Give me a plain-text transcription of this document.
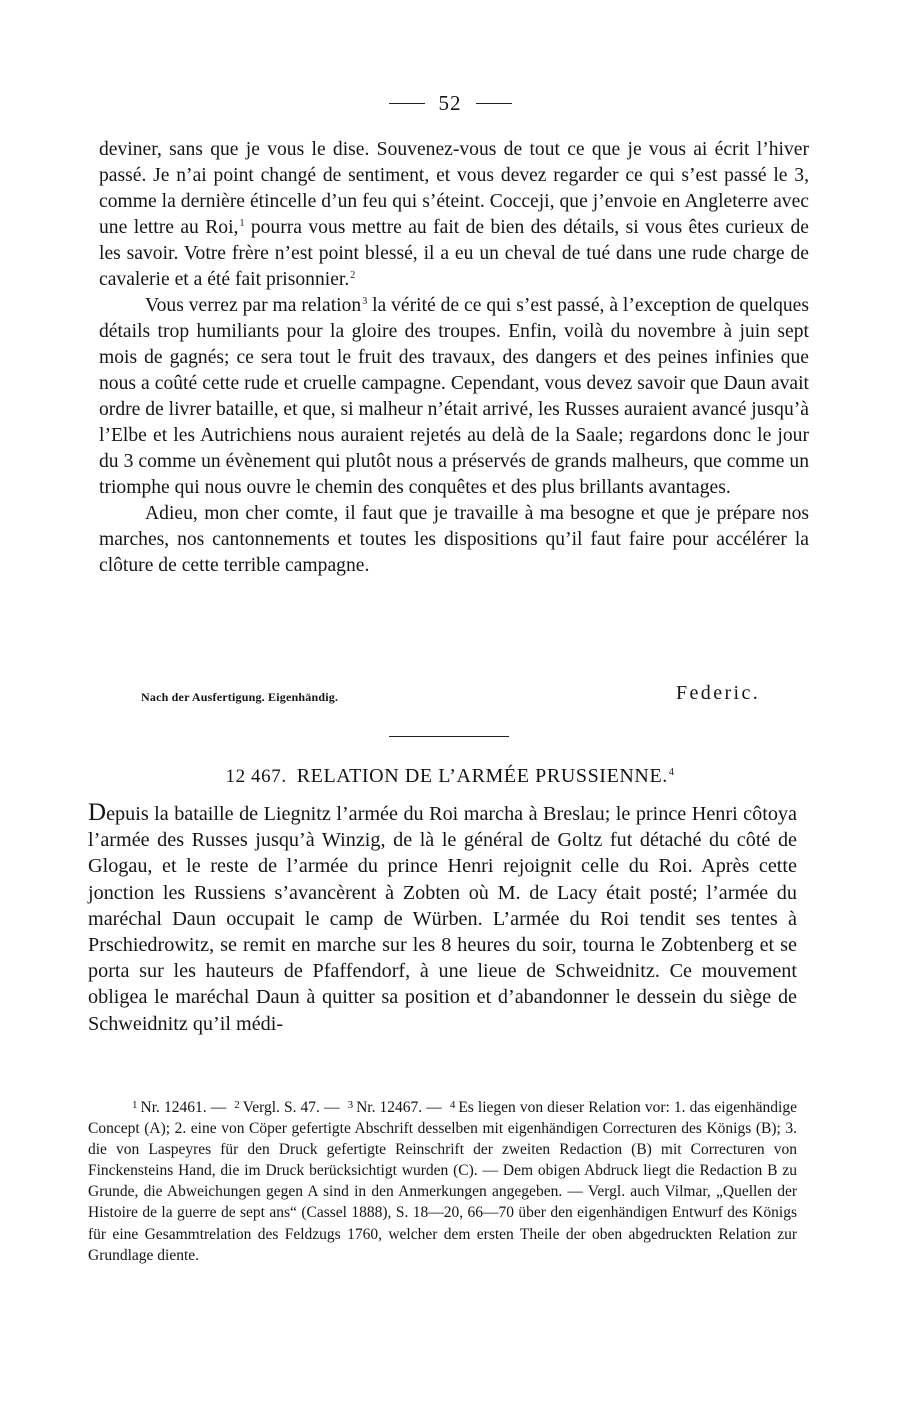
52

deviner, sans que je vous le dise. Souvenez-vous de tout ce que je vous ai écrit l’hiver passé. Je n’ai point changé de sentiment, et vous devez regarder ce qui s’est passé le 3, comme la dernière étincelle d’un feu qui s’éteint. Cocceji, que j’envoie en Angleterre avec une lettre au Roi,$^1$ pourra vous mettre au fait de bien des détails, si vous êtes curieux de les savoir. Votre frère n’est point blessé, il a eu un cheval de tué dans une rude charge de cavalerie et a été fait prisonnier.$^2$

Vous verrez par ma relation$^3$ la vérité de ce qui s’est passé, à l’exception de quelques détails trop humiliants pour la gloire des troupes. Enfin, voilà du novembre à juin sept mois de gagnés; ce sera tout le fruit des travaux, des dangers et des peines infinies que nous a coûté cette rude et cruelle campagne. Cependant, vous devez savoir que Daun avait ordre de livrer bataille, et que, si malheur n’était arrivé, les Russes auraient avancé jusqu’à l’Elbe et les Autrichiens nous auraient rejetés au delà de la Saale; regardons donc le jour du 3 comme un évènement qui plutôt nous a préservés de grands malheurs, que comme un triomphe qui nous ouvre le chemin des conquêtes et des plus brillants avantages.

Adieu, mon cher comte, il faut que je travaille à ma besogne et que je prépare nos marches, nos cantonnements et toutes les dispositions qu’il faut faire pour accélérer la clôture de cette terrible campagne.

Nach der Ausfertigung. Eigenhändig.	Federic.
12 467. RELATION DE L’ARMÉE PRUSSIENNE.$^4$

Depuis la bataille de Liegnitz l’armée du Roi marcha à Breslau; le prince Henri côtoya l’armée des Russes jusqu’à Winzig, de là le général de Goltz fut détaché du côté de Glogau, et le reste de l’armée du prince Henri rejoignit celle du Roi. Après cette jonction les Russiens s’avancèrent à Zobten où M. de Lacy était posté; l’armée du maréchal Daun occupait le camp de Würben. L’armée du Roi tendit ses tentes à Prschiedrowitz, se remit en marche sur les 8 heures du soir, tourna le Zobtenberg et se porta sur les hauteurs de Pfaffendorf, à une lieue de Schweidnitz. Ce mouvement obligea le maréchal Daun à quitter sa position et d’abandonner le dessein du siège de Schweidnitz qu’il médi-

$^1$ Nr. 12461. — $^2$ Vergl. S. 47. — $^3$ Nr. 12467. — $^4$ Es liegen von dieser Relation vor: 1. das eigenhändige Concept (A); 2. eine von Cöper gefertigte Abschrift desselben mit eigenhändigen Correcturen des Königs (B); 3. die von Laspeyres für den Druck gefertigte Reinschrift der zweiten Redaction (B) mit Correcturen von Finckensteins Hand, die im Druck berücksichtigt wurden (C). — Dem obigen Abdruck liegt die Redaction B zu Grunde, die Abweichungen gegen A sind in den Anmerkungen angegeben. — Vergl. auch Vilmar, „Quellen der Histoire de la guerre de sept ans“ (Cassel 1888), S. 18—20, 66—70 über den eigenhändigen Entwurf des Königs für eine Gesammtrelation des Feldzugs 1760, welcher dem ersten Theile der oben abgedruckten Relation zur Grundlage diente.
